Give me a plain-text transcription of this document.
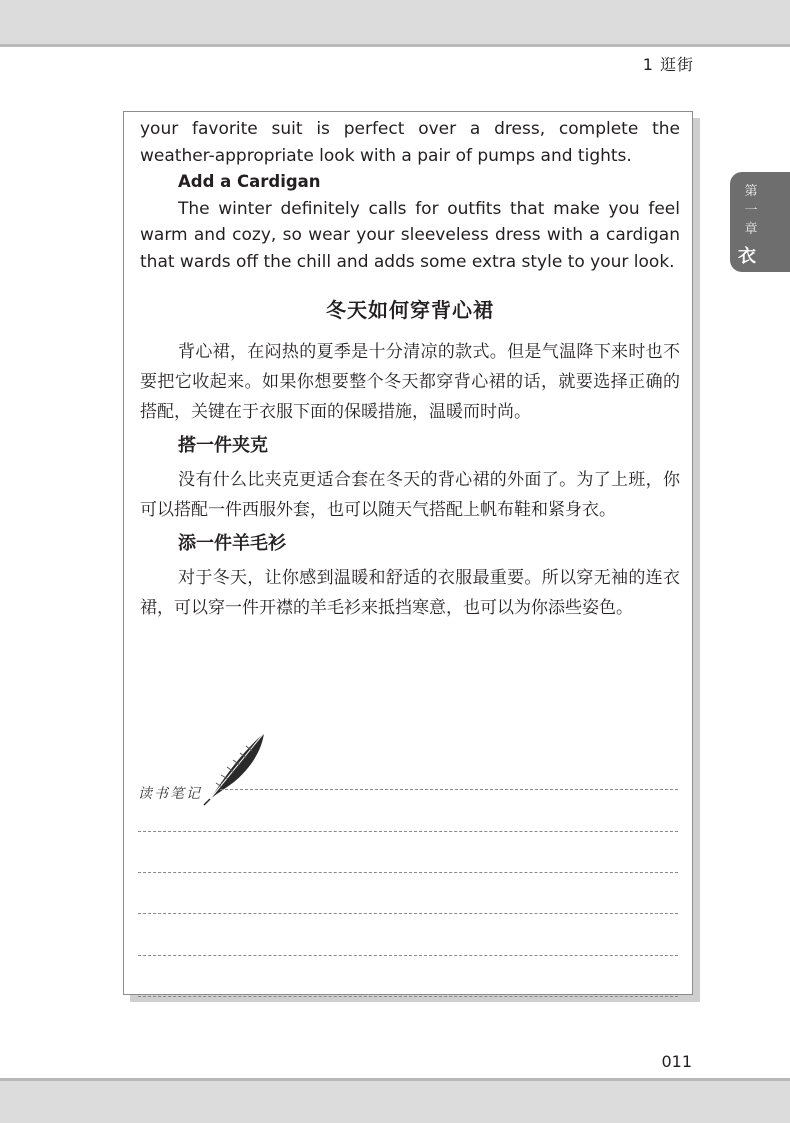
1 逛街
第
一
章
衣

your favorite suit is perfect over a dress, complete the weather-appropriate look with a pair of pumps and tights.

Add a Cardigan

The winter definitely calls for outfits that make you feel warm and cozy, so wear your sleeveless dress with a cardigan that wards off the chill and adds some extra style to your look.

冬天如何穿背心裙

背心裙，在闷热的夏季是十分清凉的款式。但是气温降下来时也不要把它收起来。如果你想要整个冬天都穿背心裙的话，就要选择正确的搭配，关键在于衣服下面的保暖措施，温暖而时尚。

搭一件夹克

没有什么比夹克更适合套在冬天的背心裙的外面了。为了上班，你可以搭配一件西服外套，也可以随天气搭配上帆布鞋和紧身衣。

添一件羊毛衫

对于冬天，让你感到温暖和舒适的衣服最重要。所以穿无袖的连衣裙，可以穿一件开襟的羊毛衫来抵挡寒意，也可以为你添些姿色。

读书笔记
011
